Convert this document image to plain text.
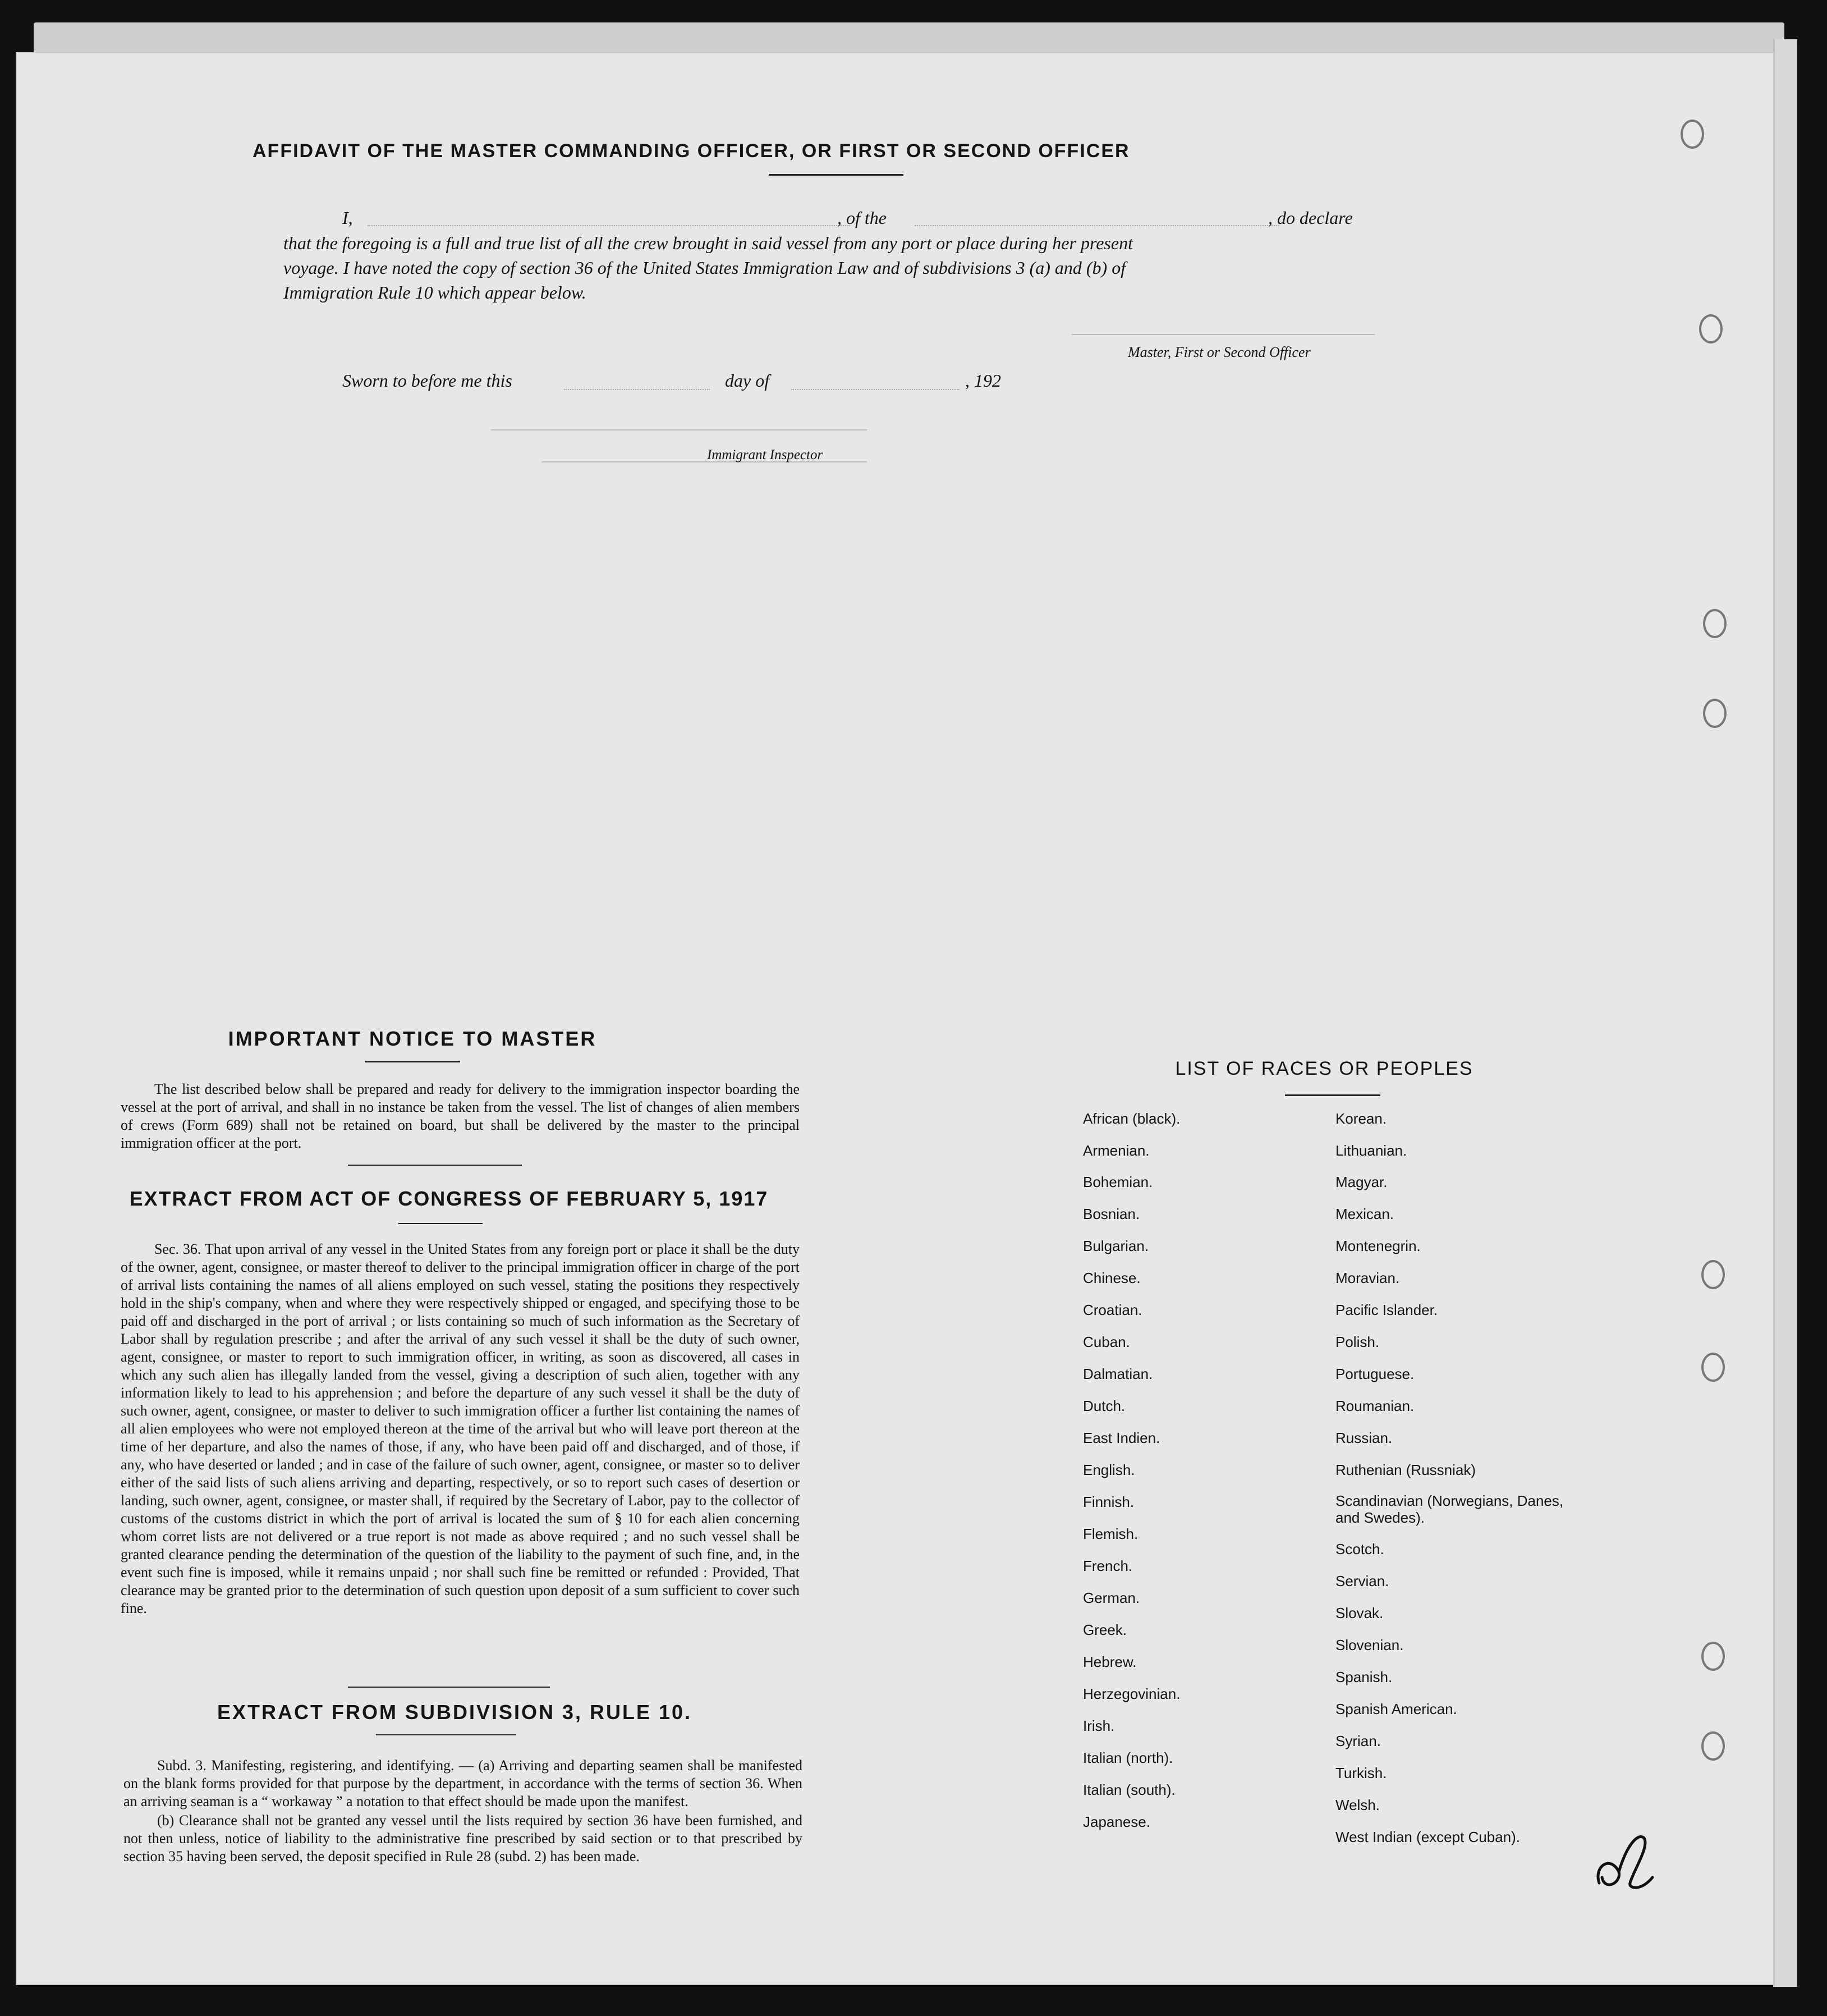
AFFIDAVIT OF THE MASTER COMMANDING OFFICER, OR FIRST OR SECOND OFFICER
I,	, of the	, do declare
that the foregoing is a full and true list of all the crew brought in said vessel from any port or place during her present
voyage. I have noted the copy of section 36 of the United States Immigration Law and of subdivisions 3 (a) and (b) of
Immigration Rule 10 which appear below.
Master, First or Second Officer
Sworn to before me this	day of	, 192
Immigrant Inspector
IMPORTANT NOTICE TO MASTER

The list described below shall be prepared and ready for delivery to the immigration inspector boarding the vessel at the port of arrival, and shall in no instance be taken from the vessel. The list of changes of alien members of crews (Form 689) shall not be retained on board, but shall be delivered by the master to the principal immigration officer at the port.

EXTRACT FROM ACT OF CONGRESS OF FEBRUARY 5, 1917

Sec. 36. That upon arrival of any vessel in the United States from any foreign port or place it shall be the duty of the owner, agent, consignee, or master thereof to deliver to the principal immigration officer in charge of the port of arrival lists containing the names of all aliens employed on such vessel, stating the positions they respectively hold in the ship's company, when and where they were respectively shipped or engaged, and specifying those to be paid off and discharged in the port of arrival ; or lists containing so much of such information as the Secretary of Labor shall by regulation prescribe ; and after the arrival of any such vessel it shall be the duty of such owner, agent, consignee, or master to report to such immigration officer, in writing, as soon as discovered, all cases in which any such alien has illegally landed from the vessel, giving a description of such alien, together with any information likely to lead to his apprehension ; and before the departure of any such vessel it shall be the duty of such owner, agent, consignee, or master to deliver to such immigration officer a further list containing the names of all alien employees who were not employed thereon at the time of the arrival but who will leave port thereon at the time of her departure, and also the names of those, if any, who have been paid off and discharged, and of those, if any, who have deserted or landed ; and in case of the failure of such owner, agent, consignee, or master so to deliver either of the said lists of such aliens arriving and departing, respectively, or so to report such cases of desertion or landing, such owner, agent, consignee, or master shall, if required by the Secretary of Labor, pay to the collector of customs of the customs district in which the port of arrival is located the sum of § 10 for each alien concerning whom corret lists are not delivered or a true report is not made as above required ; and no such vessel shall be granted clearance pending the determination of the question of the liability to the payment of such fine, and, in the event such fine is imposed, while it remains unpaid ; nor shall such fine be remitted or refunded : Provided, That clearance may be granted prior to the determination of such question upon deposit of a sum sufficient to cover such fine.

EXTRACT FROM SUBDIVISION 3, RULE 10.

Subd. 3. Manifesting, registering, and identifying. — (a) Arriving and departing seamen shall be manifested on the blank forms provided for that purpose by the department, in accordance with the terms of section 36. When an arriving seaman is a “ workaway ” a notation to that effect should be made upon the manifest.

(b) Clearance shall not be granted any vessel until the lists required by section 36 have been furnished, and not then unless, notice of liability to the administrative fine prescribed by said section or to that prescribed by section 35 having been served, the deposit specified in Rule 28 (subd. 2) has been made.

LIST OF RACES OR PEOPLES
African (black).
Armenian.
Bohemian.
Bosnian.
Bulgarian.
Chinese.
Croatian.
Cuban.
Dalmatian.
Dutch.
East Indien.
English.
Finnish.
Flemish.
French.
German.
Greek.
Hebrew.
Herzegovinian.
Irish.
Italian (north).
Italian (south).
Japanese.
Korean.
Lithuanian.
Magyar.
Mexican.
Montenegrin.
Moravian.
Pacific Islander.
Polish.
Portuguese.
Roumanian.
Russian.
Ruthenian (Russniak)
Scandinavian (Norwegians, Danes, and Swedes).
Scotch.
Servian.
Slovak.
Slovenian.
Spanish.
Spanish American.
Syrian.
Turkish.
Welsh.
West Indian (except Cuban).
